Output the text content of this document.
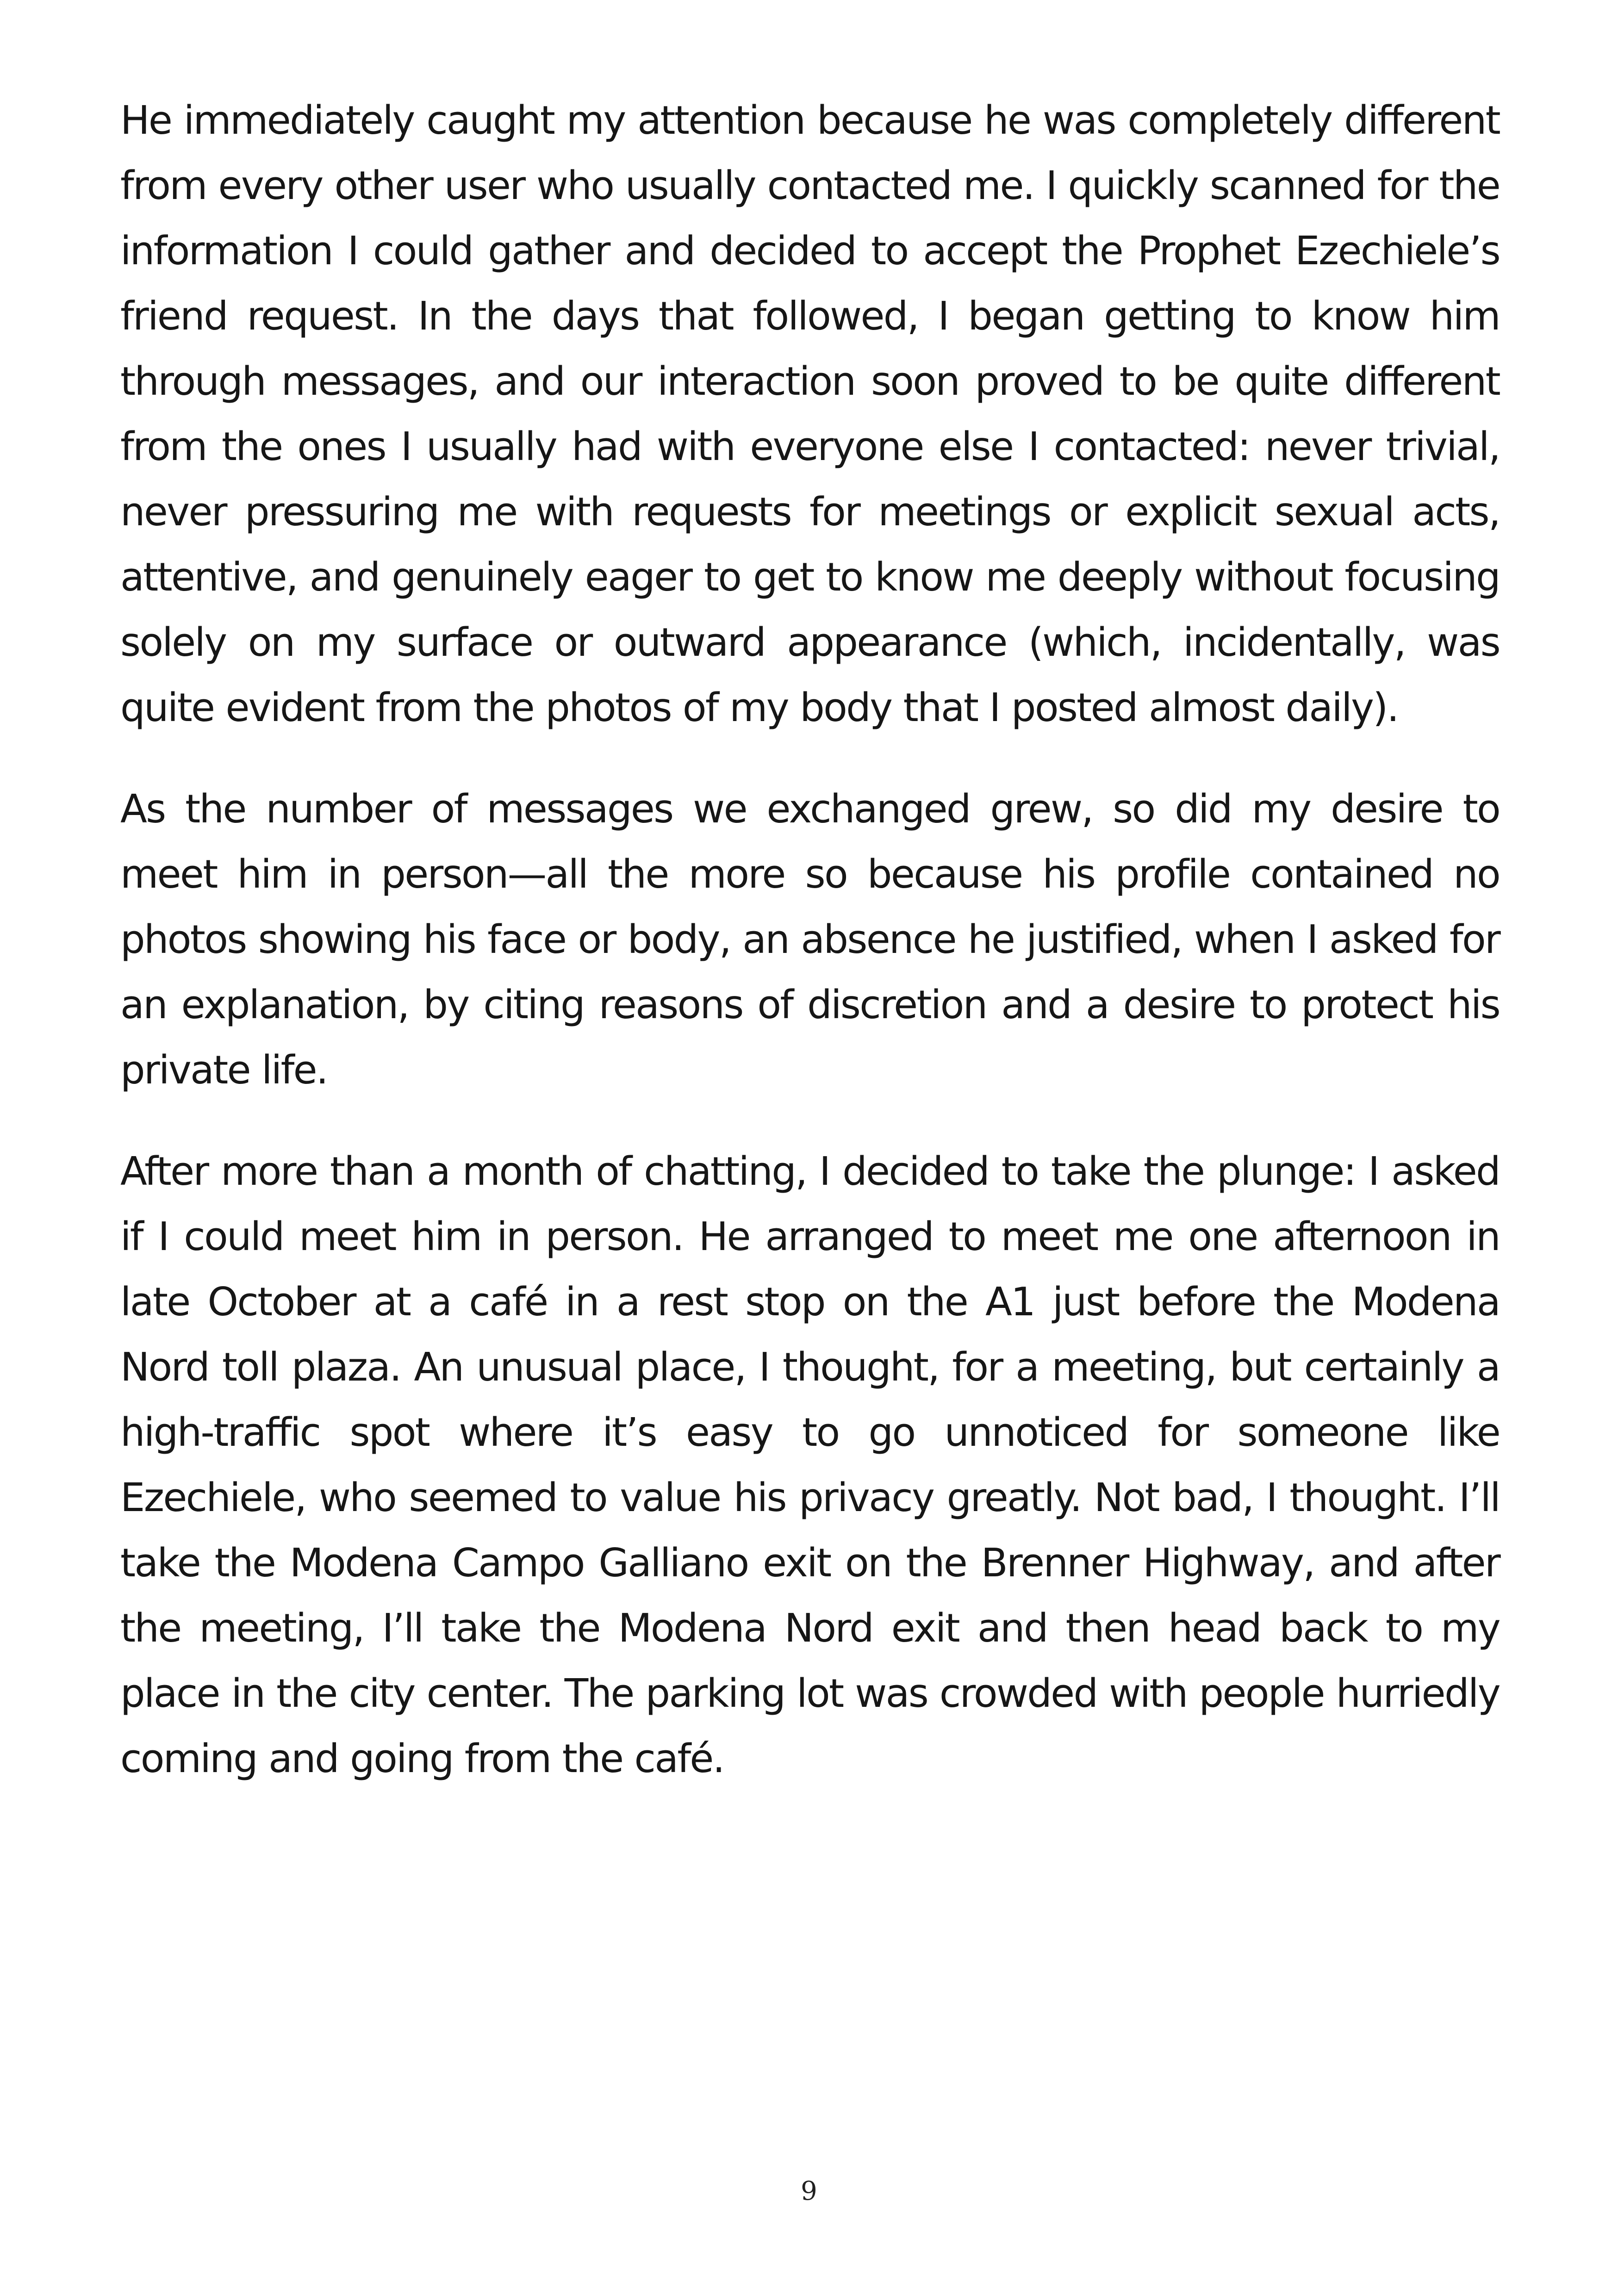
He immediately caught my attention because he was completely different from every other user who usually contacted me. I quickly scanned for the information I could gather and decided to accept the Prophet Ezechiele’s friend request. In the days that followed, I began getting to know him through messages, and our interaction soon proved to be quite different from the ones I usually had with everyone else I contacted: never trivial, never pressuring me with requests for meetings or explicit sexual acts, attentive, and genuinely eager to get to know me deeply without focusing solely on my surface or outward appearance (which, incidentally, was quite evident from the photos of my body that I posted almost daily).

As the number of messages we exchanged grew, so did my desire to meet him in person—all the more so because his profile contained no photos showing his face or body, an absence he justified, when I asked for an explanation, by citing reasons of discretion and a desire to protect his private life.

After more than a month of chatting, I decided to take the plunge: I asked if I could meet him in person. He arranged to meet me one afternoon in late October at a café in a rest stop on the A1 just before the Modena Nord toll plaza. An unusual place, I thought, for a meeting, but certainly a high-traffic spot where it’s easy to go unnoticed for someone like Ezechiele, who seemed to value his privacy greatly. Not bad, I thought. I’ll take the Modena Campo Galliano exit on the Brenner Highway, and after the meeting, I’ll take the Modena Nord exit and then head back to my place in the city center. The parking lot was crowded with people hurriedly coming and going from the café.

9
